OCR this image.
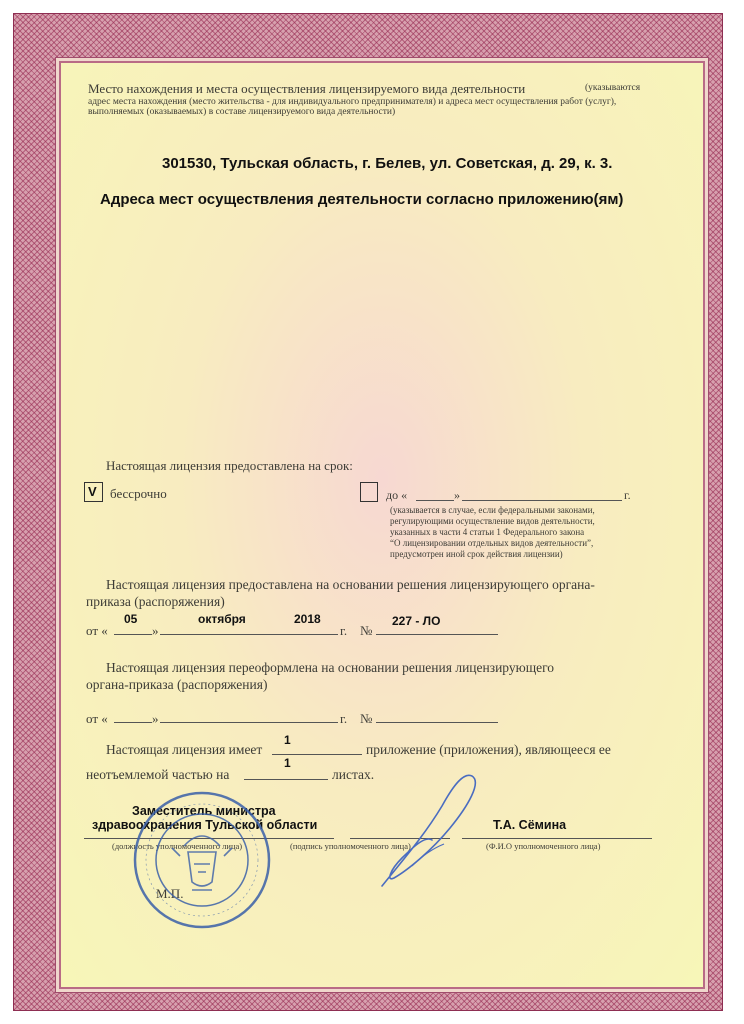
Место нахождения и места осуществления лицензируемого вида деятельности	(указываются
адрес места нахождения (место жительства - для индивидуального предпринимателя) и адреса мест осуществления работ (услуг),
выполняемых (оказываемых) в составе лицензируемого вида деятельности)
301530, Тульская область, г. Белев, ул. Советская, д. 29, к. 3.
Адреса мест осуществления деятельности согласно приложению(ям)
Настоящая лицензия предоставлена на срок:
V бессрочно	до «	»	г.
(указывается в случае, если федеральными законами,
регулирующими осуществление видов деятельности,
указанных в части 4 статьи 1 Федерального закона
“О лицензировании отдельных видов деятельности”,
предусмотрен иной срок действия лицензии)
Настоящая лицензия предоставлена на основании решения лицензирующего органа-
приказа (распоряжения)
05	октября	2018	227 - ЛО
от «	»	г. №
Настоящая лицензия переоформлена на основании решения лицензирующего
органа-приказа (распоряжения)
от «	»	г. №
Настоящая лицензия имеет
1
приложение (приложения), являющееся ее
1
неотъемлемой частью на	листах.
Заместитель министра
здравоохранения Тульской области	Т.А. Сёмина
(должность уполномоченного лица)	(подпись уполномоченного лица)	(Ф.И.О уполномоченного лица)
М.П.
